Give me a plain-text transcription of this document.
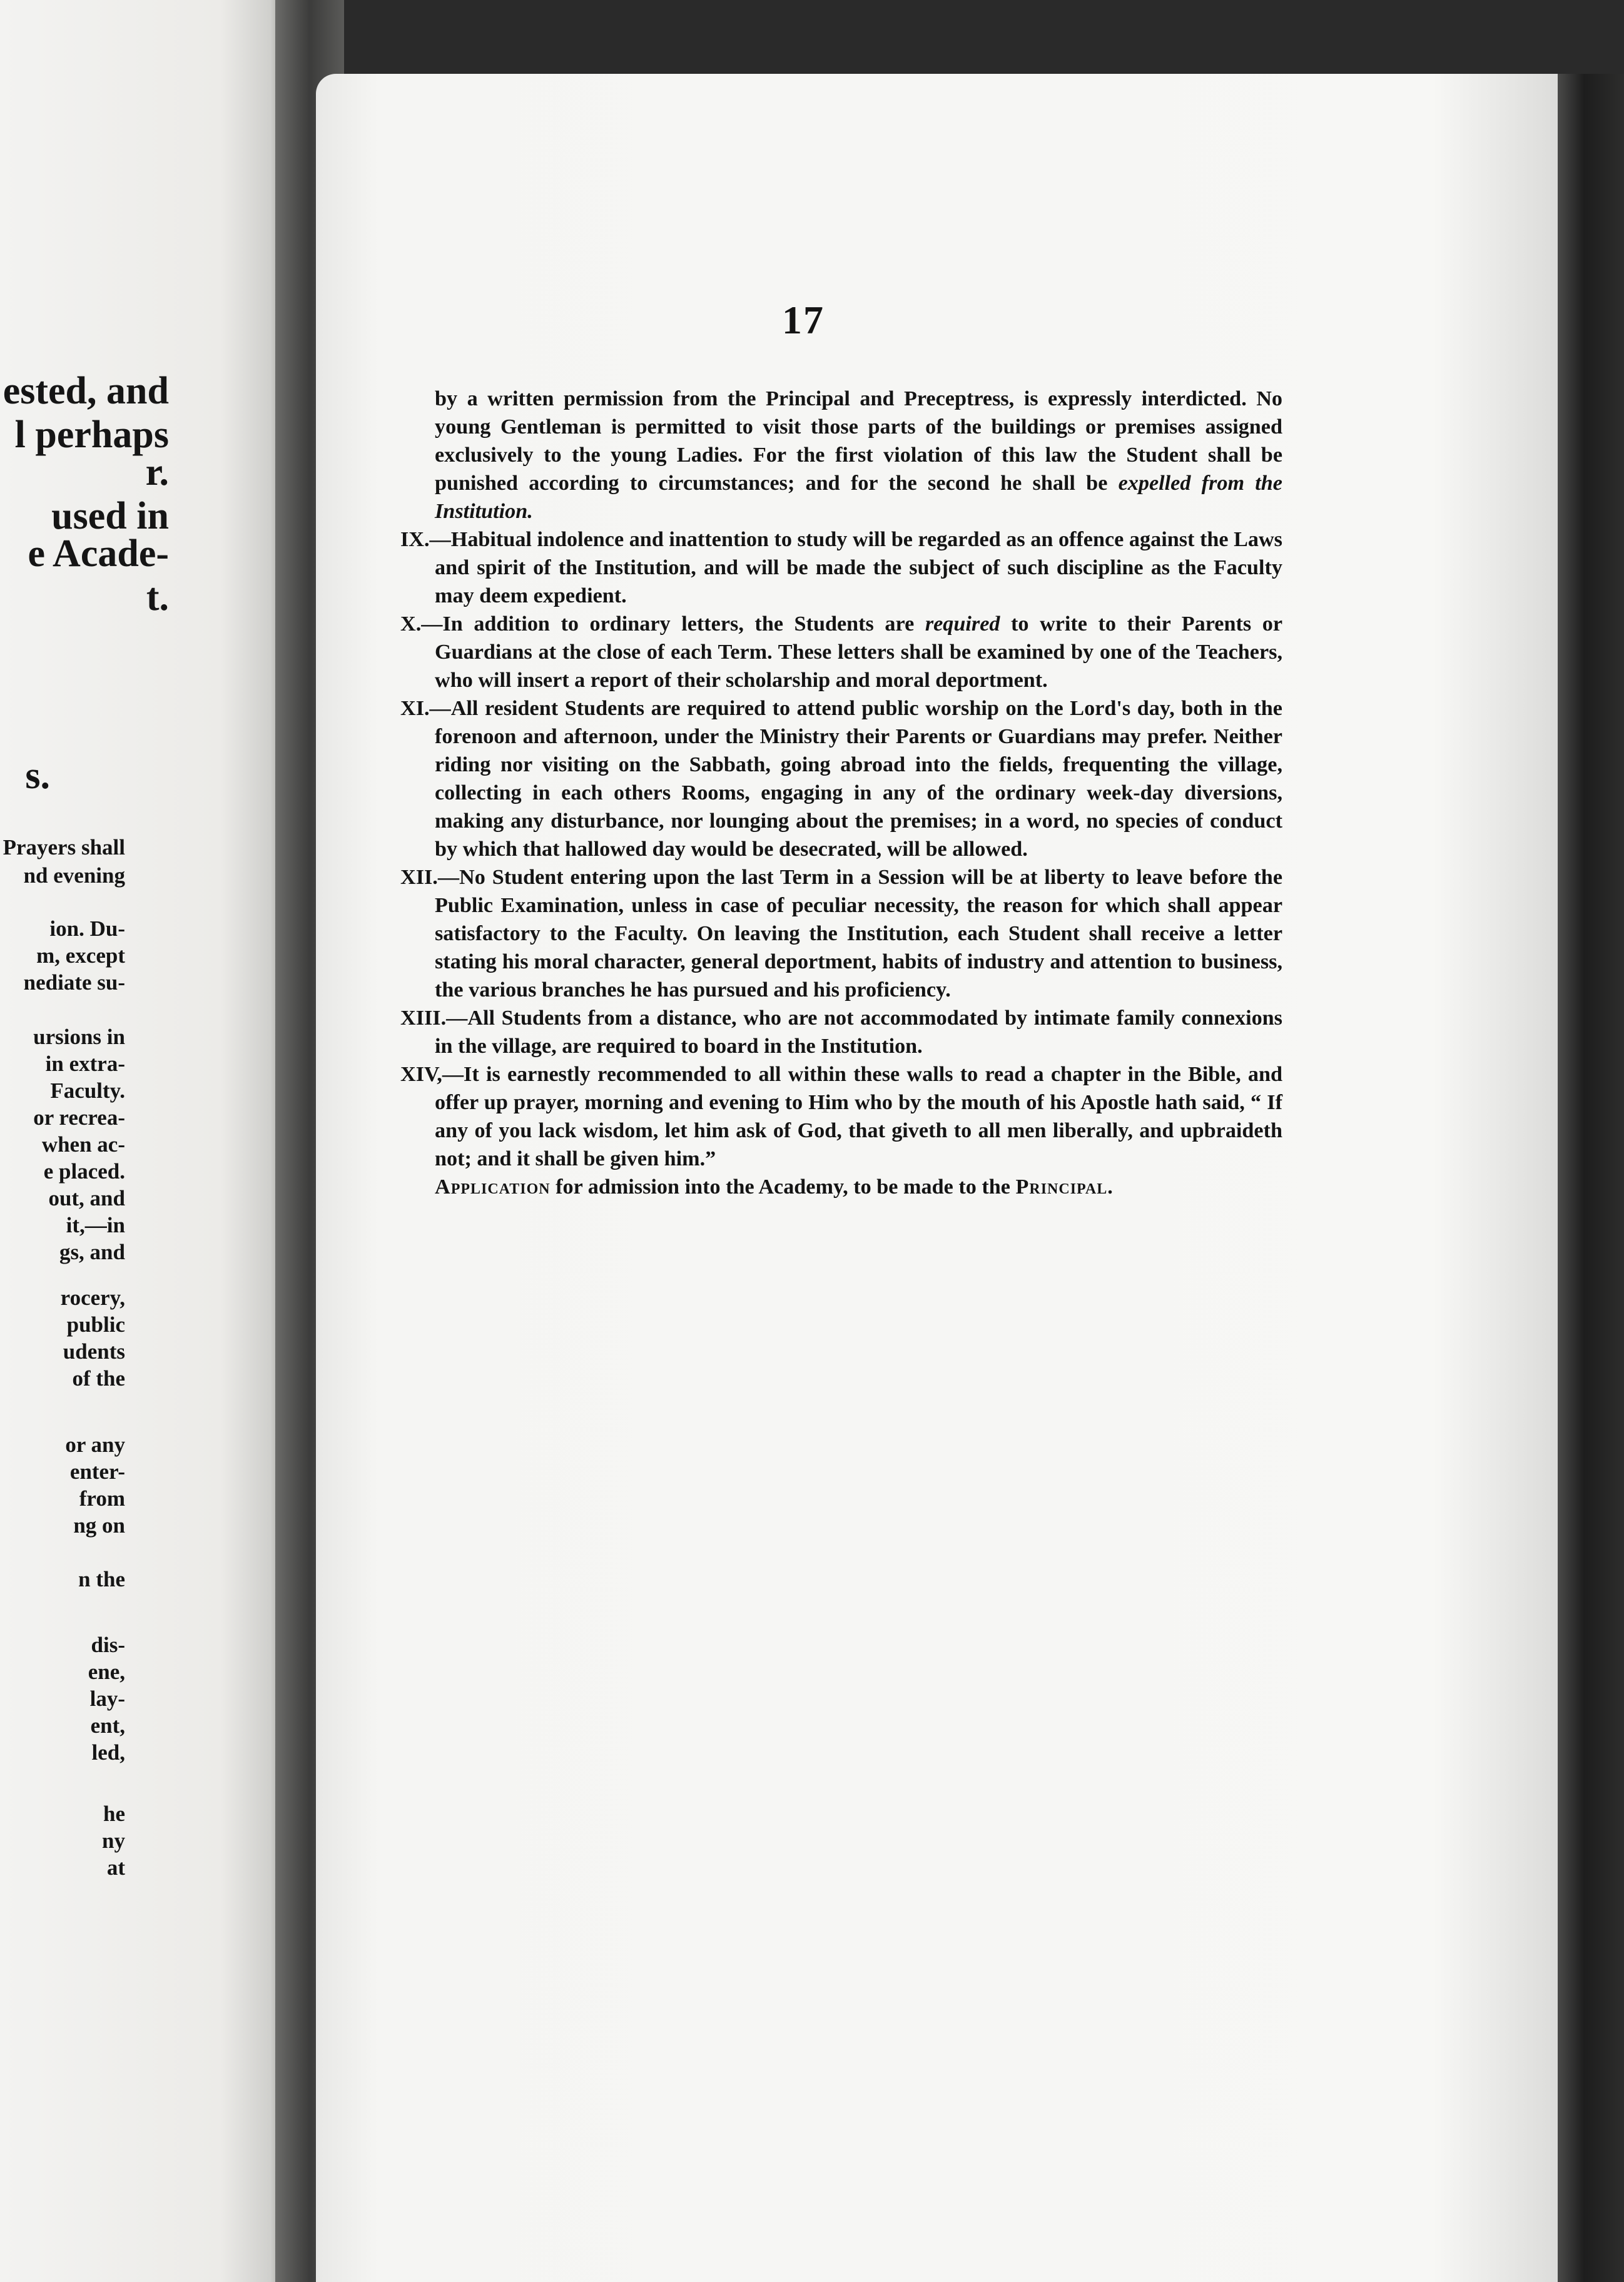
ested, and

l perhaps

r.

used in

e Acade-

t.

s.

Prayers shall

nd evening

ion. Du-

m, except

nediate su-

ursions in

in extra-

Faculty.

or recrea-

when ac-

e placed.

out, and

it,—in

gs, and

rocery,

public

udents

of the

or any

enter-

from

ng on

n the

dis-

ene,

lay-

ent,

led,

he

ny

at

17

by a written permission from the Principal and Preceptress, is expressly interdicted. No young Gentleman is permitted to visit those parts of the buildings or premises assigned exclusively to the young Ladies. For the first violation of this law the Student shall be punished according to circumstances; and for the second he shall be expelled from the Institution.

IX.—Habitual indolence and inattention to study will be regarded as an offence against the Laws and spirit of the Institution, and will be made the subject of such discipline as the Faculty may deem expedient.

X.—In addition to ordinary letters, the Students are required to write to their Parents or Guardians at the close of each Term. These letters shall be examined by one of the Teachers, who will insert a report of their scholarship and moral deportment.

XI.—All resident Students are required to attend public worship on the Lord's day, both in the forenoon and afternoon, under the Ministry their Parents or Guardians may prefer. Neither riding nor visiting on the Sabbath, going abroad into the fields, frequenting the village, collecting in each others Rooms, engaging in any of the ordinary week-day diversions, making any disturbance, nor lounging about the premises; in a word, no species of conduct by which that hallowed day would be desecrated, will be allowed.

XII.—No Student entering upon the last Term in a Session will be at liberty to leave before the Public Examination, unless in case of peculiar necessity, the reason for which shall appear satisfactory to the Faculty. On leaving the Institution, each Student shall receive a letter stating his moral character, general deportment, habits of industry and attention to business, the various branches he has pursued and his proficiency.

XIII.—All Students from a distance, who are not accommodated by intimate family connexions in the village, are required to board in the Institution.

XIV,—It is earnestly recommended to all within these walls to read a chapter in the Bible, and offer up prayer, morning and evening to Him who by the mouth of his Apostle hath said, “ If any of you lack wisdom, let him ask of God, that giveth to all men liberally, and upbraideth not; and it shall be given him.”

Application for admission into the Academy, to be made to the Principal.
